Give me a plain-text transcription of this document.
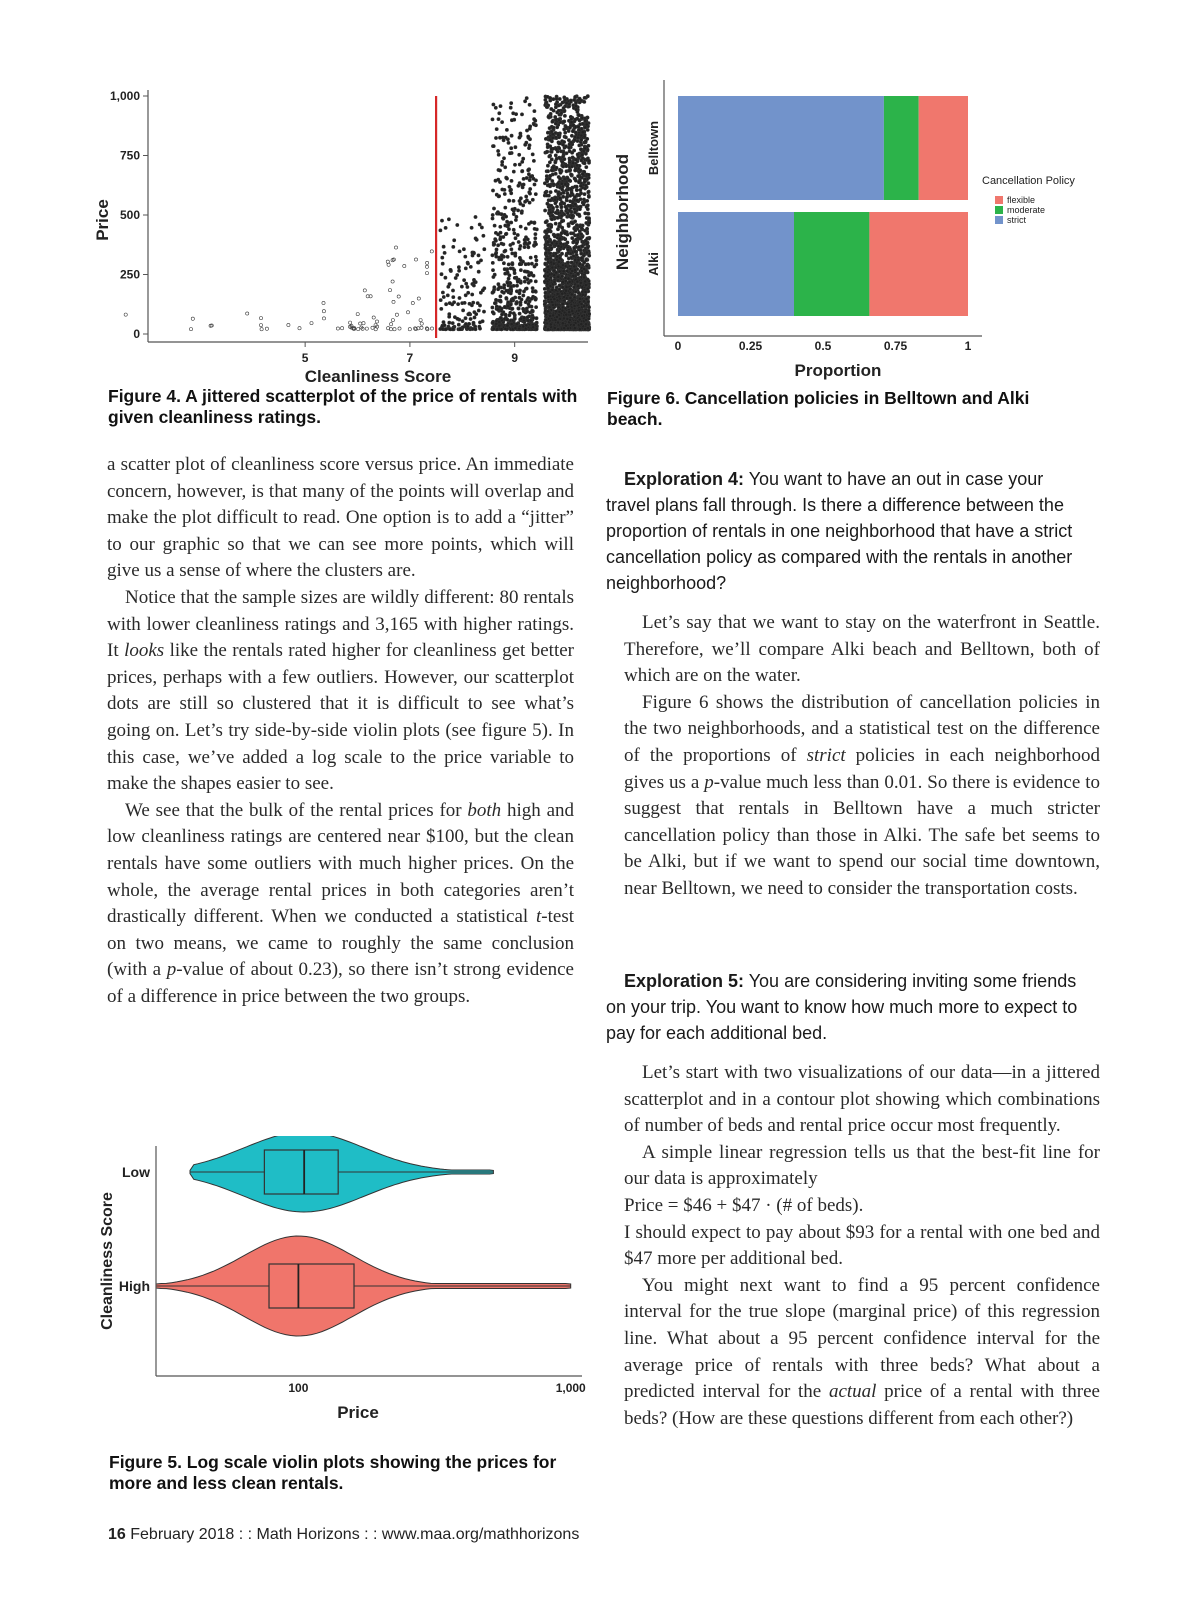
0
250
500
750
1,000
5	7	9
Price
Cleanliness Score

Figure 4. A jittered scatterplot of the price of rentals with given cleanliness ratings.

0	0.25	0.5	0.75	1
Belltown
Alki
Neighborhood
Proportion
Cancellation Policy
flexible
moderate
strict

Figure 6. Cancellation policies in Belltown and Alki beach.

a scatter plot of cleanliness score versus price. An immediate concern, however, is that many of the points will overlap and make the plot difficult to read. One option is to add a “jitter” to our graphic so that we can see more points, which will give us a sense of where the clusters are.

Notice that the sample sizes are wildly different: 80 rentals with lower cleanliness ratings and 3,165 with higher ratings. It looks like the rentals rated higher for cleanliness get better prices, perhaps with a few outliers. However, our scatterplot dots are still so clustered that it is difficult to see what’s going on. Let’s try side-by-side violin plots (see figure 5). In this case, we’ve added a log scale to the price variable to make the shapes easier to see.

We see that the bulk of the rental prices for both high and low cleanliness ratings are centered near $100, but the clean rentals have some outliers with much higher prices. On the whole, the average rental prices in both categories aren’t drastically different. When we conducted a statistical t-test on two means, we came to roughly the same conclusion (with a p-value of about 0.23), so there isn’t strong evidence of a difference in price between the two groups.

100	1,000
Low
High
Cleanliness Score
Price

Figure 5. Log scale violin plots showing the prices for more and less clean rentals.

Exploration 4: You want to have an out in case your travel plans fall through. Is there a difference between the proportion of rentals in one neighborhood that have a strict cancellation policy as compared with the rentals in another neighborhood?

Let’s say that we want to stay on the waterfront in Seattle. Therefore, we’ll compare Alki beach and Belltown, both of which are on the water.

Figure 6 shows the distribution of cancellation policies in the two neighborhoods, and a statistical test on the difference of the proportions of strict policies in each neighborhood gives us a p-value much less than 0.01. So there is evidence to suggest that rentals in Belltown have a much stricter cancellation policy than those in Alki. The safe bet seems to be Alki, but if we want to spend our social time downtown, near Belltown, we need to consider the transportation costs.

Exploration 5: You are considering inviting some friends on your trip. You want to know how much more to expect to pay for each additional bed.

Let’s start with two visualizations of our data—in a jittered scatterplot and in a contour plot showing which combinations of number of beds and rental price occur most frequently.

A simple linear regression tells us that the best-fit line for our data is approximately

Price = $46 + $47 · (# of beds).

I should expect to pay about $93 for a rental with one bed and $47 more per additional bed.

You might next want to find a 95 percent confidence interval for the true slope (marginal price) of this regression line. What about a 95 percent confidence interval for the average price of rentals with three beds? What about a predicted interval for the actual price of a rental with three beds? (How are these questions different from each other?)

16 February 2018 : : Math Horizons : : www.maa.org/mathhorizons
